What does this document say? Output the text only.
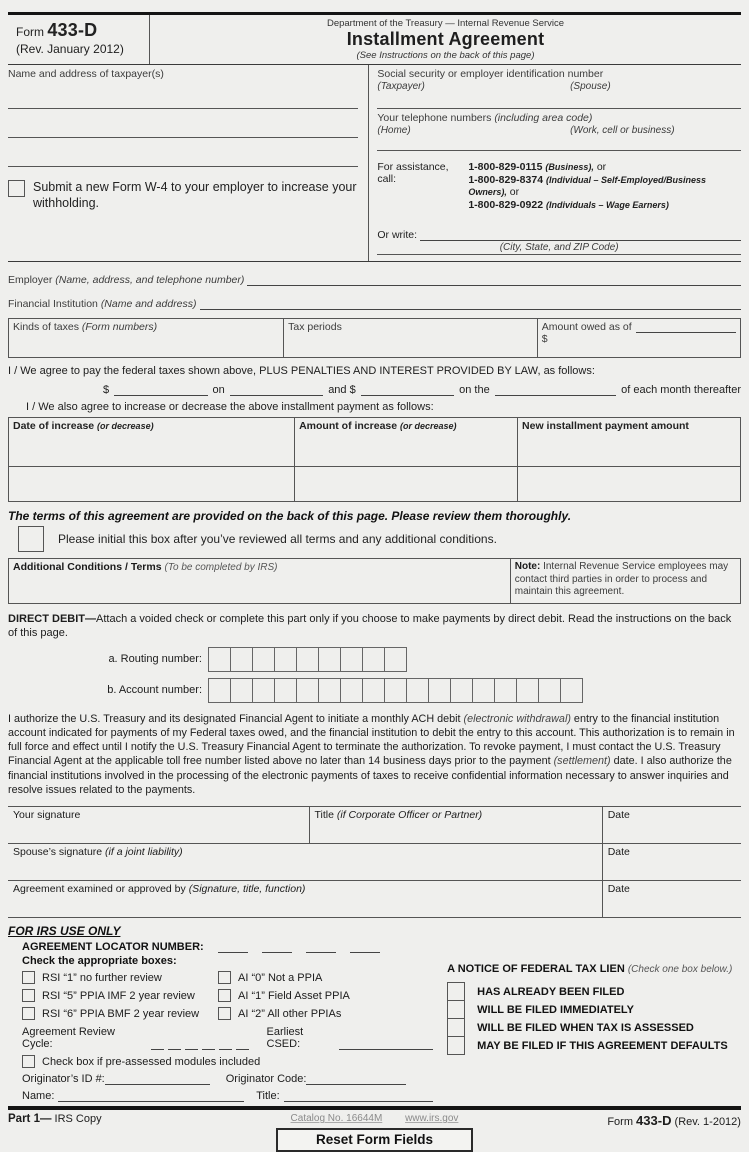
Form 433-D
(Rev. January 2012)
Department of the Treasury — Internal Revenue Service
Installment Agreement
(See Instructions on the back of this page)
Name and address of taxpayer(s)
Submit a new Form W-4 to your employer to increase your withholding.
Social security or employer identification number
(Taxpayer)	(Spouse)
Your telephone numbers (including area code)
(Home)	(Work, cell or business)
For assistance, call:
1-800-829-0115 (Business), or
1-800-829-8374 (Individual – Self-Employed/Business Owners), or
1-800-829-0922 (Individuals – Wage Earners)
Or write:
(City, State, and ZIP Code)
Employer (Name, address, and telephone number)
Financial Institution (Name and address)
Kinds of taxes (Form numbers)	Tax periods	Amount owed as of
$
I / We agree to pay the federal taxes shown above, PLUS PENALTIES AND INTEREST PROVIDED BY LAW, as follows:
$	on	and $	on the	of each month thereafter
I / We also agree to increase or decrease the above installment payment as follows:
Date of increase (or decrease)	Amount of increase (or decrease)	New installment payment amount
The terms of this agreement are provided on the back of this page. Please review them thoroughly.
Please initial this box after you’ve reviewed all terms and any additional conditions.
Additional Conditions / Terms (To be completed by IRS)	Note: Internal Revenue Service employees may contact third parties in order to process and maintain this agreement.
DIRECT DEBIT—Attach a voided check or complete this part only if you choose to make payments by direct debit. Read the instructions on the back of this page.
a. Routing number:
b. Account number:
I authorize the U.S. Treasury and its designated Financial Agent to initiate a monthly ACH debit (electronic withdrawal) entry to the financial institution account indicated for payments of my Federal taxes owed, and the financial institution to debit the entry to this account. This authorization is to remain in full force and effect until I notify the U.S. Treasury Financial Agent to terminate the authorization. To revoke payment, I must contact the U.S. Treasury Financial Agent at the applicable toll free number listed above no later than 14 business days prior to the payment (settlement) date. I also authorize the financial institutions involved in the processing of the electronic payments of taxes to receive confidential information necessary to answer inquiries and resolve issues related to the payments.
Your signature	Title (if Corporate Officer or Partner)	Date
Spouse’s signature (if a joint liability)	Date
Agreement examined or approved by (Signature, title, function)	Date
FOR IRS USE ONLY
AGREEMENT LOCATOR NUMBER:
Check the appropriate boxes:
RSI “1” no further review
RSI “5” PPIA IMF 2 year review
RSI “6” PPIA BMF 2 year review
AI “0” Not a PPIA
AI “1” Field Asset PPIA
AI “2” All other PPIAs
Agreement Review Cycle:
Earliest CSED:
Check box if pre-assessed modules included
Originator’s ID #:	Originator Code:
Name:	Title:
A NOTICE OF FEDERAL TAX LIEN (Check one box below.)
HAS ALREADY BEEN FILED
WILL BE FILED IMMEDIATELY
WILL BE FILED WHEN TAX IS ASSESSED
MAY BE FILED IF THIS AGREEMENT DEFAULTS
Part 1— IRS Copy	Catalog No. 16644M www.irs.gov	Form 433-D (Rev. 1-2012)
Reset Form Fields
